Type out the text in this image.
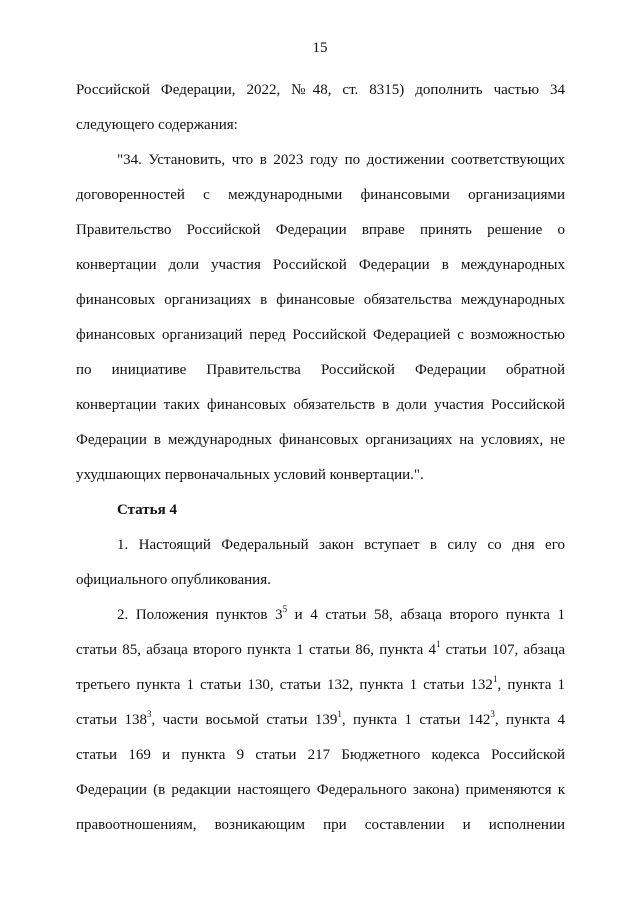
15
Российской Федерации, 2022, №48, ст. 8315) дополнить частью 34
следующего содержания:
"34. Установить, что в 2023 году по достижении соответствующих
договоренностей с международными финансовыми организациями
Правительство Российской Федерации вправе принять решение о
конвертации доли участия Российской Федерации в международных
финансовых организациях в финансовые обязательства международных
финансовых организаций перед Российской Федерацией с возможностью
по инициативе Правительства Российской Федерации обратной
конвертации таких финансовых обязательств в доли участия Российской
Федерации в международных финансовых организациях на условиях, не
ухудшающих первоначальных условий конвертации.".
Статья 4
1. Настоящий Федеральный закон вступает в силу со дня его
официального опубликования.
2. Положения пунктов $3^5$ и 4 статьи 58, абзаца второго пункта 1
статьи 85, абзаца второго пункта 1 статьи 86, пункта $4^1$ статьи 107, абзаца
третьего пункта 1 статьи 130, статьи 132, пункта 1 статьи $132^1$, пункта 1
статьи $138^3$, части восьмой статьи $139^1$, пункта 1 статьи $142^3$, пункта 4
статьи 169 и пункта 9 статьи 217 Бюджетного кодекса Российской
Федерации (в редакции настоящего Федерального закона) применяются к
правоотношениям, возникающим при составлении и исполнении
